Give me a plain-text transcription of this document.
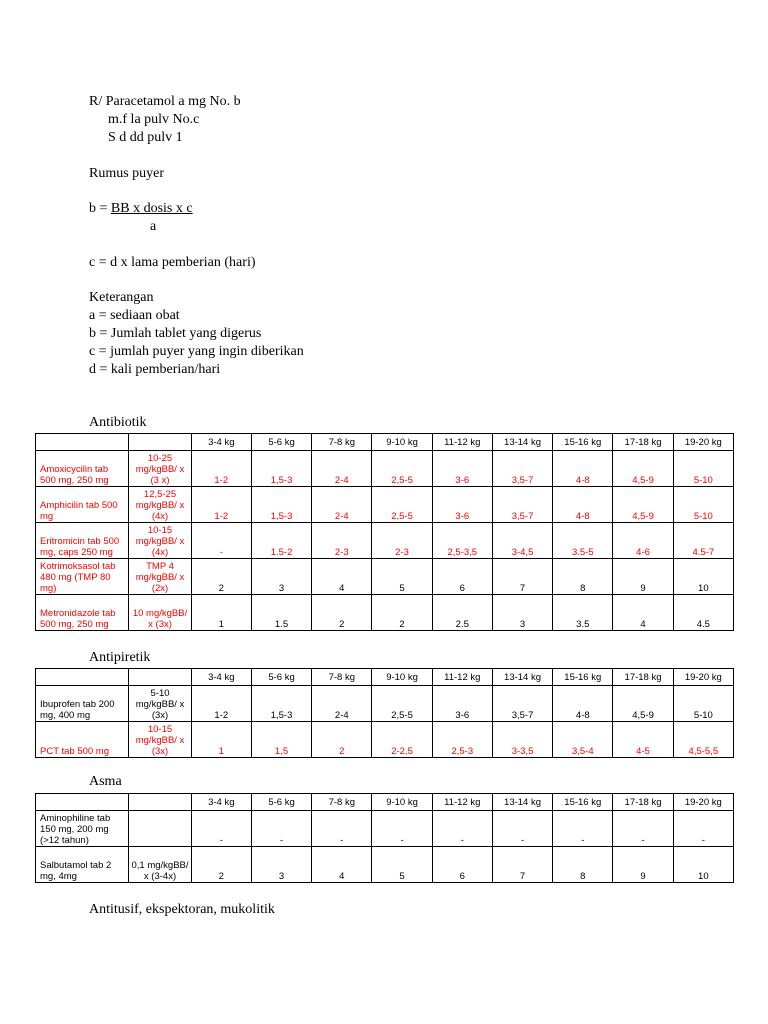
R/ Paracetamol a mg No. b
m.f la pulv No.c
S d dd pulv 1
Rumus puyer
b = BB x dosis x c
a
c = d x lama pemberian (hari)
Keterangan
a = sediaan obat
b = Jumlah tablet yang digerus
c = jumlah puyer yang ingin diberikan
d = kali pemberian/hari
Antibiotik
		3-4 kg	5-6 kg	7-8 kg	9-10 kg	11-12 kg	13-14 kg	15-16 kg	17-18 kg	19-20 kg
Amoxicycilin tab 500 mg, 250 mg	10-25 mg/kgBB/ x (3 x)	1-2	1,5-3	2-4	2,5-5	3-6	3,5-7	4-8	4,5-9	5-10
Amphicilin tab 500 mg	12,5-25 mg/kgBB/ x (4x)	1-2	1,5-3	2-4	2,5-5	3-6	3,5-7	4-8	4,5-9	5-10
Eritromicin tab 500 mg, caps 250 mg	10-15 mg/kgBB/ x (4x)	-	1.5-2	2-3	2-3	2,5-3,5	3-4,5	3.5-5	4-6	4.5-7
Kotrimoksasol tab 480 mg (TMP 80 mg)	TMP 4 mg/kgBB/ x (2x)	2	3	4	5	6	7	8	9	10
Metronidazole tab 500 mg, 250 mg	10 mg/kgBB/ x (3x)	1	1.5	2	2	2.5	3	3.5	4	4.5
Antipiretik
		3-4 kg	5-6 kg	7-8 kg	9-10 kg	11-12 kg	13-14 kg	15-16 kg	17-18 kg	19-20 kg
Ibuprofen tab 200 mg, 400 mg	5-10 mg/kgBB/ x (3x)	1-2	1,5-3	2-4	2,5-5	3-6	3,5-7	4-8	4,5-9	5-10
PCT tab 500 mg	10-15 mg/kgBB/ x (3x)	1	1,5	2	2-2,5	2,5-3	3-3,5	3,5-4	4-5	4,5-5,5
Asma
		3-4 kg	5-6 kg	7-8 kg	9-10 kg	11-12 kg	13-14 kg	15-16 kg	17-18 kg	19-20 kg
Aminophiline tab 150 mg, 200 mg (>12 tahun)		-	-	-	-	-	-	-	-	-
Salbutamol tab 2 mg, 4mg	0,1 mg/kgBB/ x (3-4x)	2	3	4	5	6	7	8	9	10
Antitusif, ekspektoran, mukolitik
